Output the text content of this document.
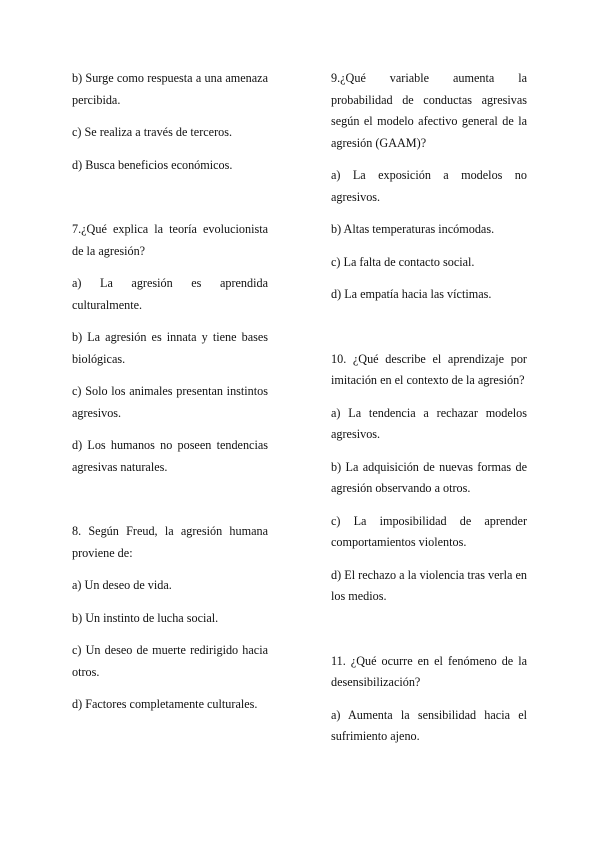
b) Surge como respuesta a una amenaza percibida.

c) Se realiza a través de terceros.

d) Busca beneficios económicos.

7.¿Qué explica la teoría evolucionista de la agresión?

a) La agresión es aprendida culturalmente.

b) La agresión es innata y tiene bases biológicas.

c) Solo los animales presentan instintos agresivos.

d) Los humanos no poseen tendencias agresivas naturales.

8. Según Freud, la agresión humana proviene de:

a) Un deseo de vida.

b) Un instinto de lucha social.

c) Un deseo de muerte redirigido hacia otros.

d) Factores completamente culturales.

9.¿Qué variable aumenta la probabilidad de conductas agresivas según el modelo afectivo general de la agresión (GAAM)?

a) La exposición a modelos no agresivos.

b) Altas temperaturas incómodas.

c) La falta de contacto social.

d) La empatía hacia las víctimas.

10. ¿Qué describe el aprendizaje por imitación en el contexto de la agresión?

a) La tendencia a rechazar modelos agresivos.

b) La adquisición de nuevas formas de agresión observando a otros.

c) La imposibilidad de aprender comportamientos violentos.

d) El rechazo a la violencia tras verla en los medios.

11. ¿Qué ocurre en el fenómeno de la desensibilización?

a) Aumenta la sensibilidad hacia el sufrimiento ajeno.
